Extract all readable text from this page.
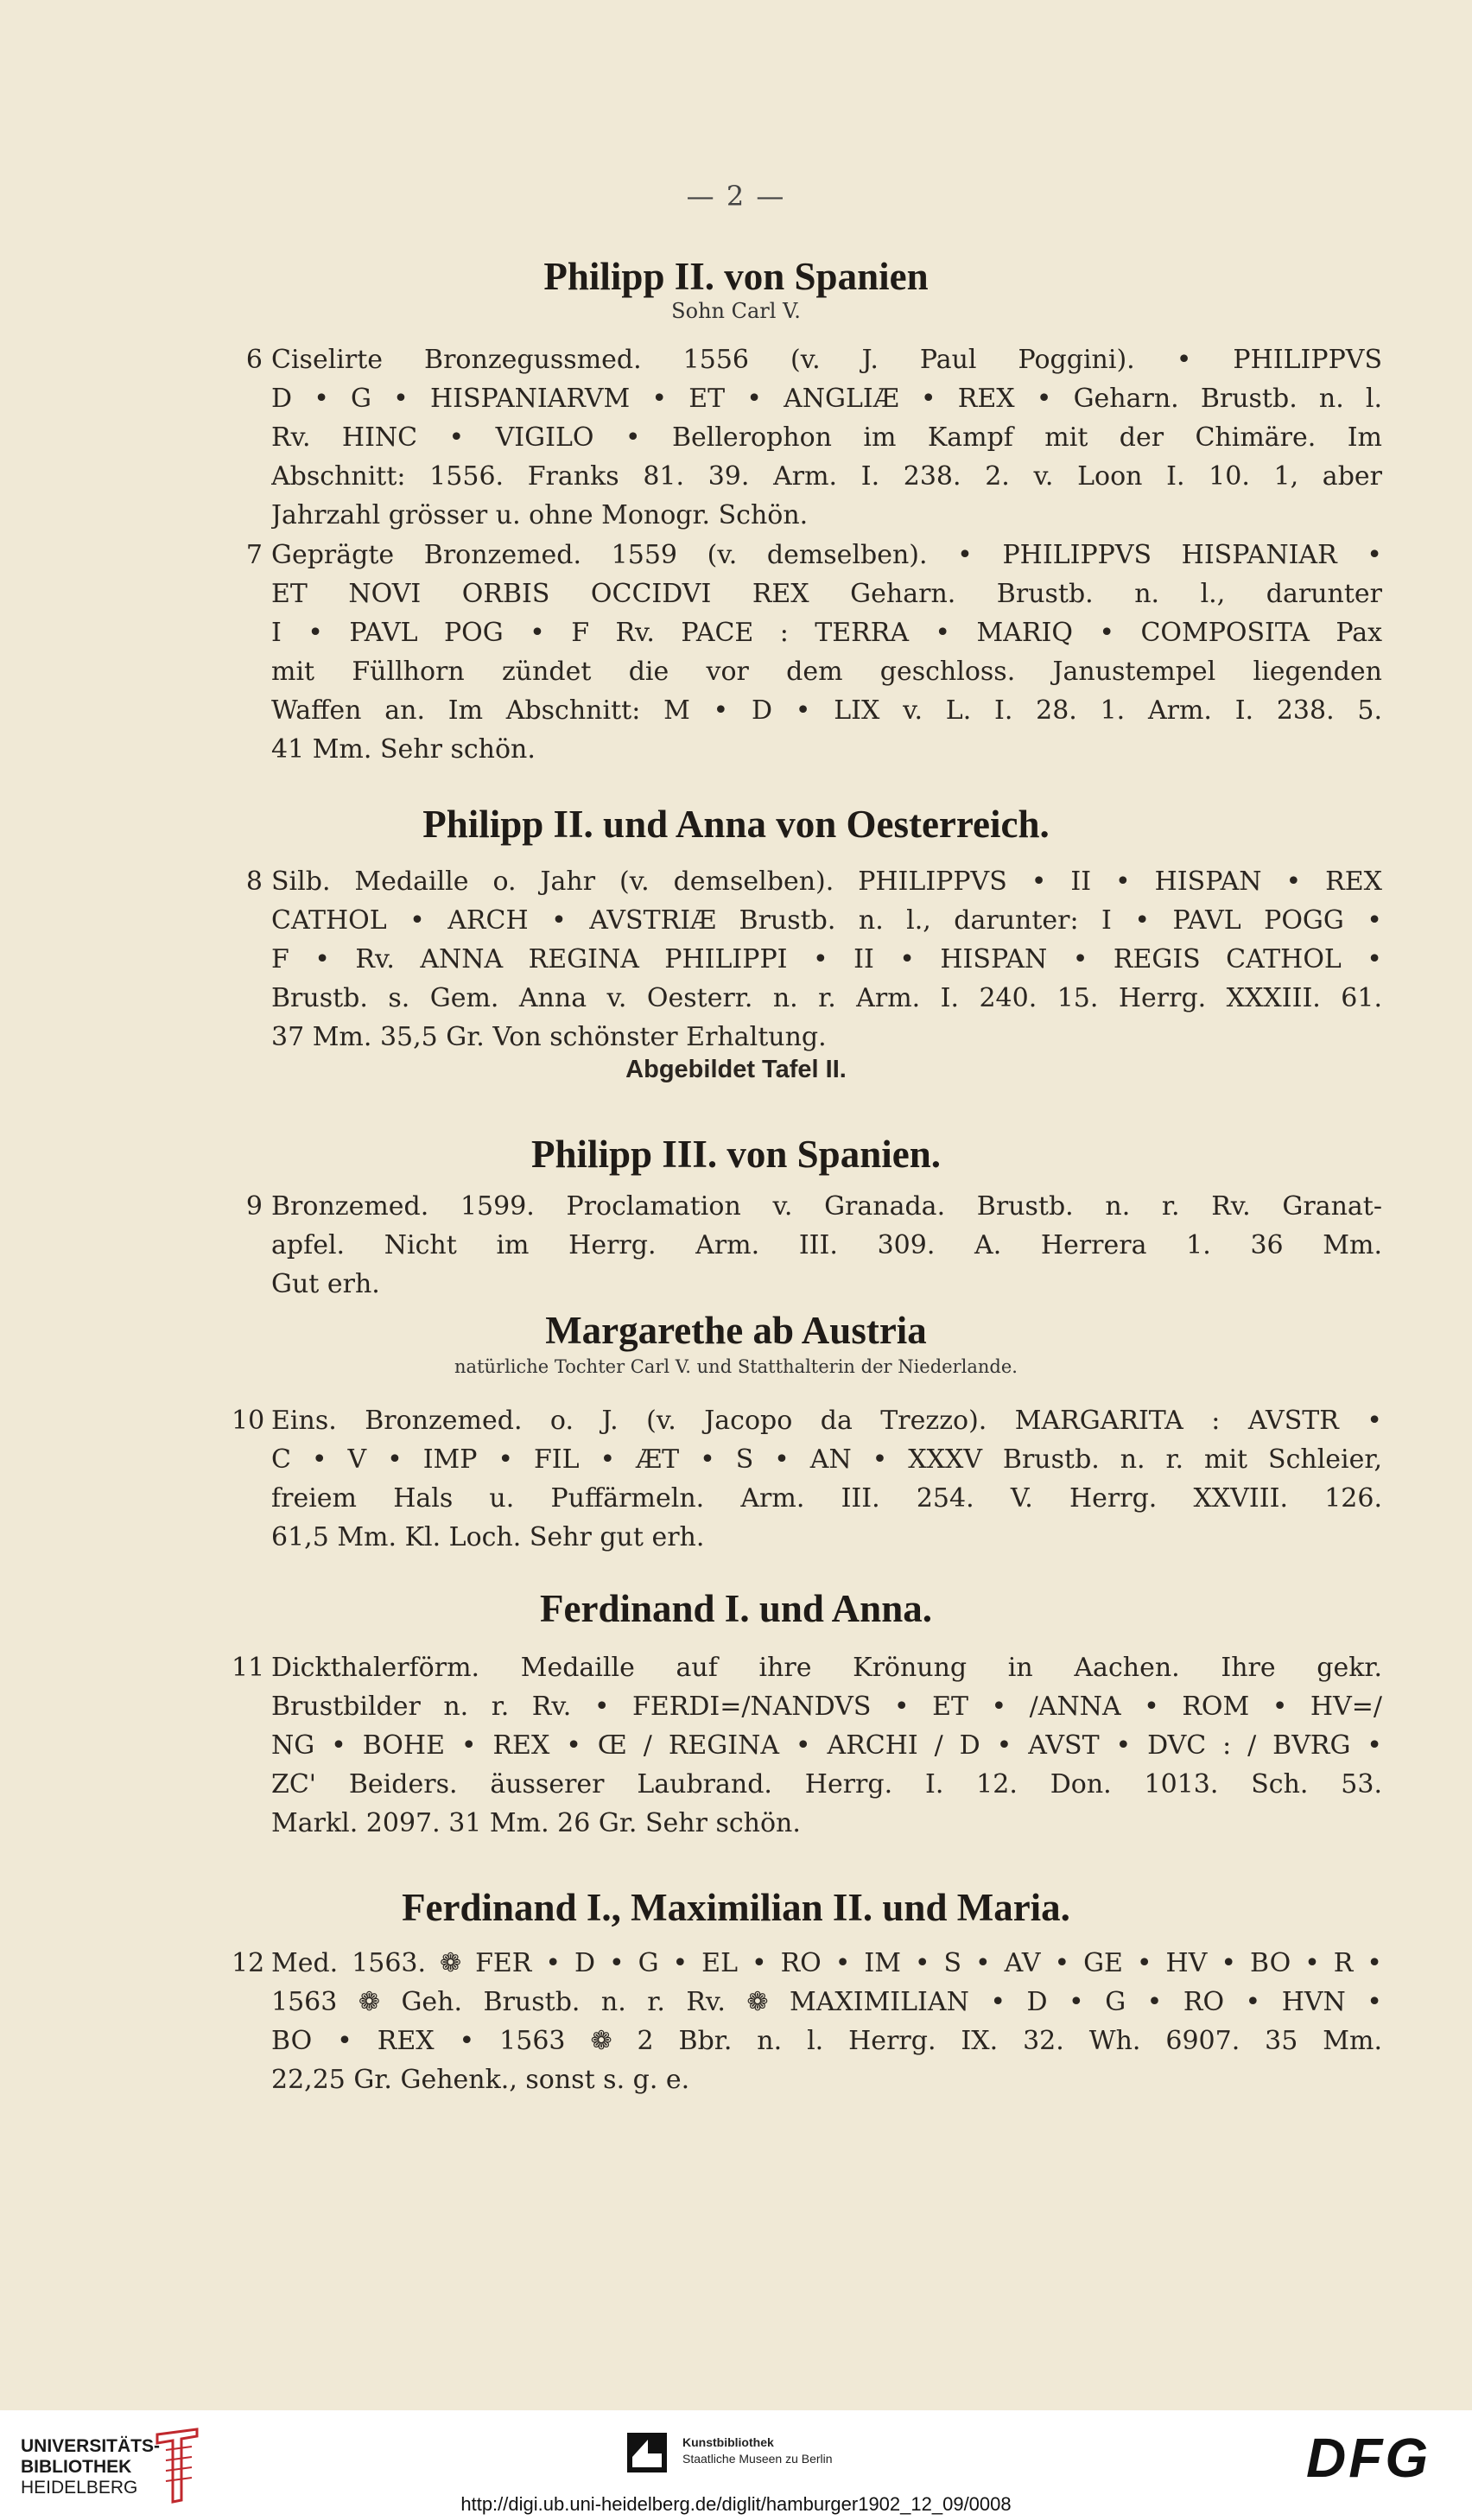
— 2 —
Philipp II. von Spanien
Sohn Carl V.
6 Ciselirte Bronzegussmed. 1556 (v. J. Paul Poggini). • PHILIPPVS
D • G • HISPANIARVM • ET • ANGLIÆ • REX • Geharn. Brustb. n. l.
Rv. HINC • VIGILO • Bellerophon im Kampf mit der Chimäre. Im
Abschnitt: 1556. Franks 81. 39. Arm. I. 238. 2. v. Loon I. 10. 1, aber
Jahrzahl grösser u. ohne Monogr. Schön.
7 Geprägte Bronzemed. 1559 (v. demselben). • PHILIPPVS HISPANIAR •
ET NOVI ORBIS OCCIDVI REX Geharn. Brustb. n. l., darunter
I • PAVL POG • F Rv. PACE : TERRA • MARIQ • COMPOSITA Pax
mit Füllhorn zündet die vor dem geschloss. Janustempel liegenden
Waffen an. Im Abschnitt: M • D • LIX v. L. I. 28. 1. Arm. I. 238. 5.
41 Mm. Sehr schön.
Philipp II. und Anna von Oesterreich.
8 Silb. Medaille o. Jahr (v. demselben). PHILIPPVS • II • HISPAN • REX
CATHOL • ARCH • AVSTRIÆ Brustb. n. l., darunter: I • PAVL POGG •
F • Rv. ANNA REGINA PHILIPPI • II • HISPAN • REGIS CATHOL •
Brustb. s. Gem. Anna v. Oesterr. n. r. Arm. I. 240. 15. Herrg. XXXIII. 61.
37 Mm. 35,5 Gr. Von schönster Erhaltung.
Abgebildet Tafel II.
Philipp III. von Spanien.
9 Bronzemed. 1599. Proclamation v. Granada. Brustb. n. r. Rv. Granat-
apfel. Nicht im Herrg. Arm. III. 309. A. Herrera 1. 36 Mm.
Gut erh.
Margarethe ab Austria
natürliche Tochter Carl V. und Statthalterin der Niederlande.
10 Eins. Bronzemed. o. J. (v. Jacopo da Trezzo). MARGARITA : AVSTR •
C • V • IMP • FIL • ÆT • S • AN • XXXV Brustb. n. r. mit Schleier,
freiem Hals u. Puffärmeln. Arm. III. 254. V. Herrg. XXVIII. 126.
61,5 Mm. Kl. Loch. Sehr gut erh.
Ferdinand I. und Anna.
11 Dickthalerförm. Medaille auf ihre Krönung in Aachen. Ihre gekr.
Brustbilder n. r. Rv. • FERDI=/NANDVS • ET • /ANNA • ROM • HV=/
NG • BOHE • REX • Œ / REGINA • ARCHI / D • AVST • DVC : / BVRG •
ZC' Beiders. äusserer Laubrand. Herrg. I. 12. Don. 1013. Sch. 53.
Markl. 2097. 31 Mm. 26 Gr. Sehr schön.
Ferdinand I., Maximilian II. und Maria.
12 Med. 1563. ❁ FER • D • G • EL • RO • IM • S • AV • GE • HV • BO • R •
1563 ❁ Geh. Brustb. n. r. Rv. ❁ MAXIMILIAN • D • G • RO • HVN •
BO • REX • 1563 ❁ 2 Bbr. n. l. Herrg. IX. 32. Wh. 6907. 35 Mm.
22,25 Gr. Gehenk., sonst s. g. e.
UNIVERSITÄTS-
BIBLIOTHEK
HEIDELBERG
Kunstbibliothek
Staatliche Museen zu Berlin	DFG
http://digi.ub.uni-heidelberg.de/diglit/hamburger1902_12_09/0008
